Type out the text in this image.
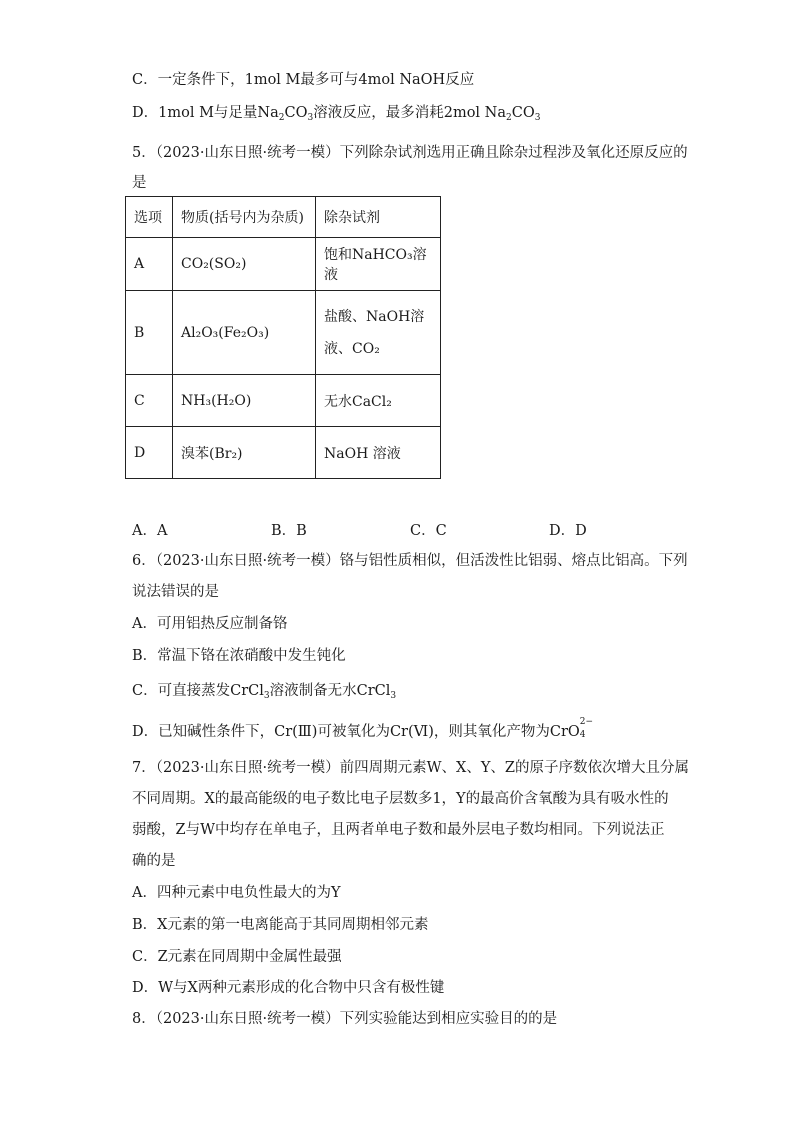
C．一定条件下，1mol M最多可与4mol NaOH反应
D．1mol M与足量$Na_2CO_3$溶液反应，最多消耗2mol $Na_2CO_3$
5．（2023·山东日照·统考一模）下列除杂试剂选用正确且除杂过程涉及氧化还原反应的
是
选项	物质(括号内为杂质)	除杂试剂
A	CO₂(SO₂)	饱和NaHCO₃溶液
B	Al₂O₃(Fe₂O₃)	盐酸、NaOH溶液、CO₂
C	NH₃(H₂O)	无水CaCl₂
D	溴苯(Br₂)	NaOH 溶液
A．A	B．B	C．C	D．D
6．（2023·山东日照·统考一模）铬与铝性质相似，但活泼性比铝弱、熔点比铝高。下列
说法错误的是
A．可用铝热反应制备铬
B．常温下铬在浓硝酸中发生钝化
C．可直接蒸发CrCl$_3$溶液制备无水CrCl$_3$
D．已知碱性条件下，Cr(Ⅲ)可被氧化为Cr(Ⅵ)，则其氧化产物为CrO
2−
4
7．（2023·山东日照·统考一模）前四周期元素W、X、Y、Z的原子序数依次增大且分属
不同周期。X的最高能级的电子数比电子层数多1，Y的最高价含氧酸为具有吸水性的
弱酸，Z与W中均存在单电子，且两者单电子数和最外层电子数均相同。下列说法正
确的是
A．四种元素中电负性最大的为Y
B．X元素的第一电离能高于其同周期相邻元素
C．Z元素在同周期中金属性最强
D．W与X两种元素形成的化合物中只含有极性键
8．（2023·山东日照·统考一模）下列实验能达到相应实验目的的是
